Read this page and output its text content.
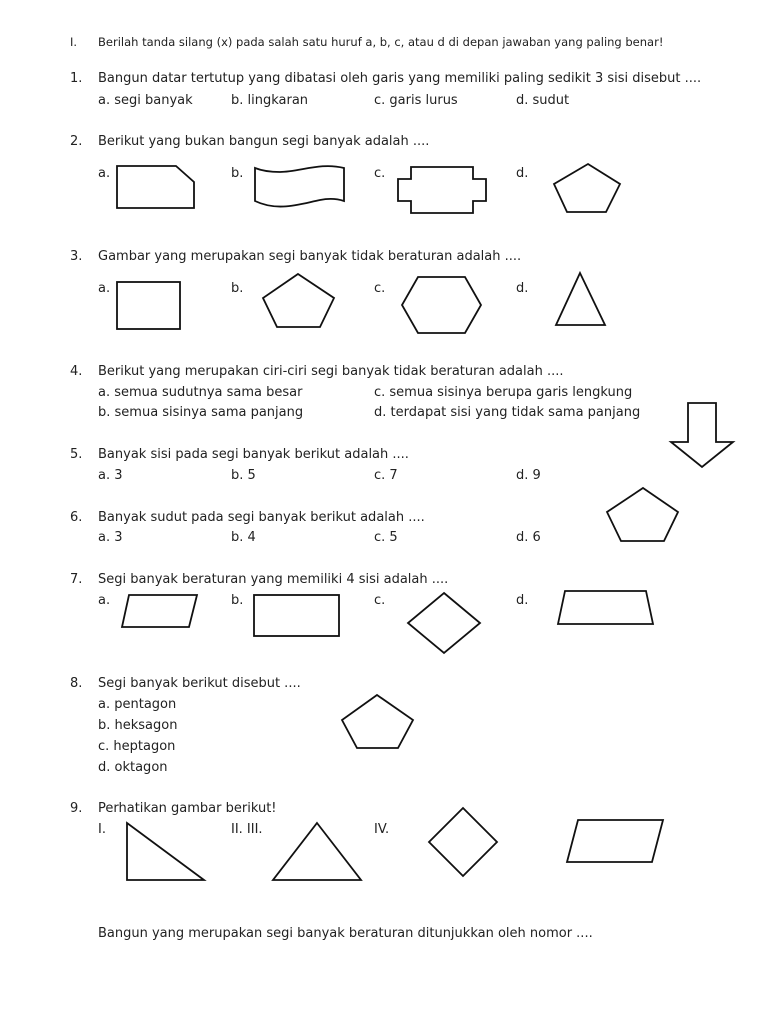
I. Berilah tanda silang (x) pada salah satu huruf a, b, c, atau d di depan jawaban yang paling benar!
1. Bangun datar tertutup yang dibatasi oleh garis yang memiliki paling sedikit 3 sisi disebut ....
a. segi banyak	b. lingkaran	c. garis lurus	d. sudut
2. Berikut yang bukan bangun segi banyak adalah ....
a.	b.	c.	d.
3. Gambar yang merupakan segi banyak tidak beraturan adalah ....
a.	b.	c.	d.
4. Berikut yang merupakan ciri-ciri segi banyak tidak beraturan adalah ....
a. semua sudutnya sama besar	c. semua sisinya berupa garis lengkung
b. semua sisinya sama panjang	d. terdapat sisi yang tidak sama panjang
5. Banyak sisi pada segi banyak berikut adalah ....
a. 3	b. 5	c. 7	d. 9
6. Banyak sudut pada segi banyak berikut adalah ....
a. 3	b. 4	c. 5	d. 6
7. Segi banyak beraturan yang memiliki 4 sisi adalah ....
a.	b.	c.	d.
8. Segi banyak berikut disebut ....
a. pentagon
b. heksagon
c. heptagon
d. oktagon
9. Perhatikan gambar berikut!
I.	II. III.	IV.
Bangun yang merupakan segi banyak beraturan ditunjukkan oleh nomor ....
